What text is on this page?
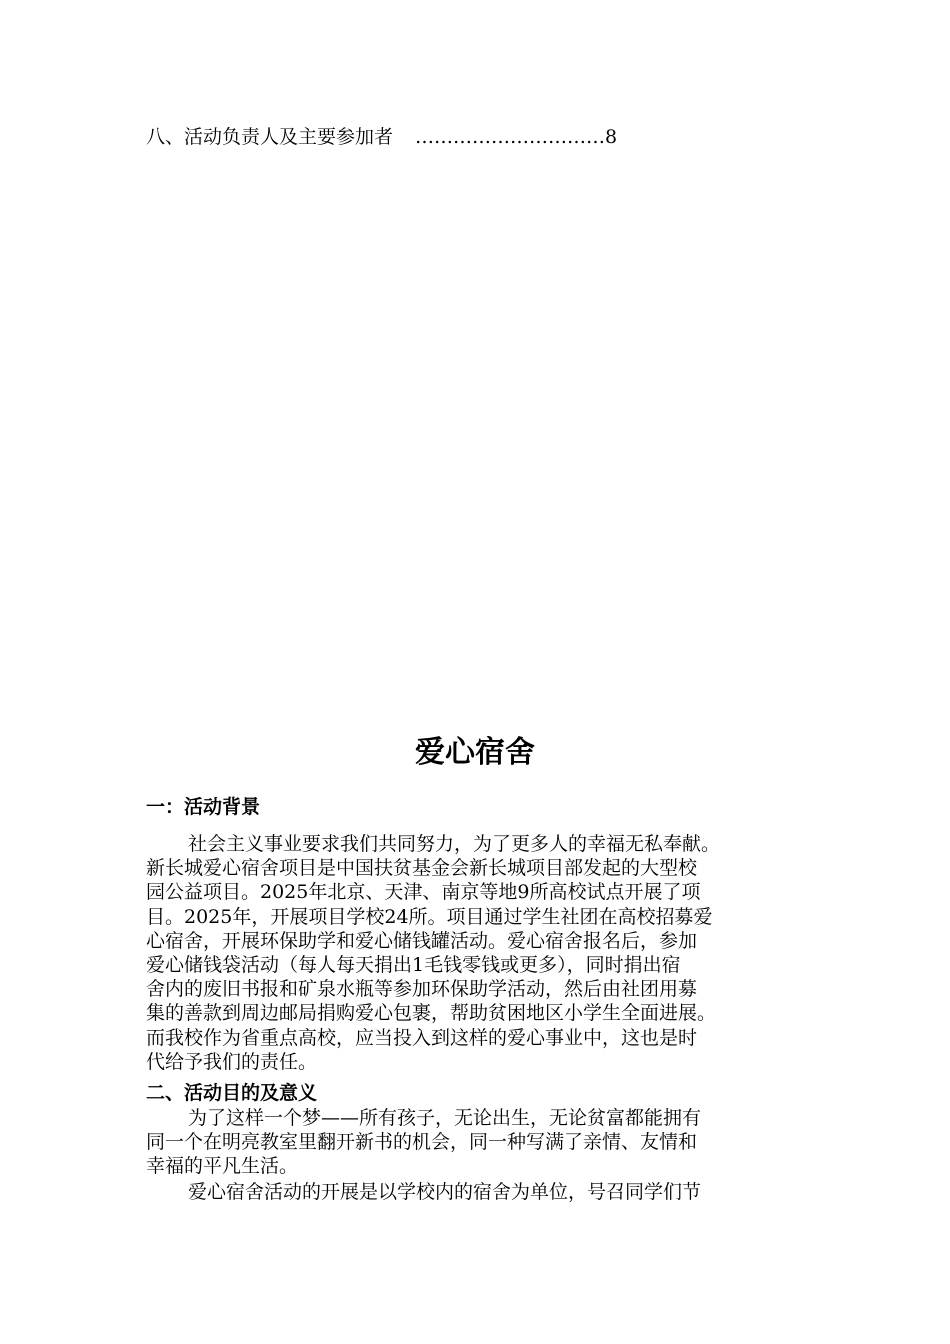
八、活动负责人及主要参加者 …………………………8
爱心宿舍
一：活动背景
社会主义事业要求我们共同努力，为了更多人的幸福无私奉献。
新长城爱心宿舍项目是中国扶贫基金会新长城项目部发起的大型校
园公益项目。2025年北京、天津、南京等地9所高校试点开展了项
目。2025年，开展项目学校24所。项目通过学生社团在高校招募爱
心宿舍，开展环保助学和爱心储钱罐活动。爱心宿舍报名后，参加
爱心储钱袋活动（每人每天捐出1毛钱零钱或更多），同时捐出宿
舍内的废旧书报和矿泉水瓶等参加环保助学活动，然后由社团用募
集的善款到周边邮局捐购爱心包裹，帮助贫困地区小学生全面进展。
而我校作为省重点高校，应当投入到这样的爱心事业中，这也是时
代给予我们的责任。
二、活动目的及意义
为了这样一个梦——所有孩子，无论出生，无论贫富都能拥有
同一个在明亮教室里翻开新书的机会，同一种写满了亲情、友情和
幸福的平凡生活。
爱心宿舍活动的开展是以学校内的宿舍为单位，号召同学们节
